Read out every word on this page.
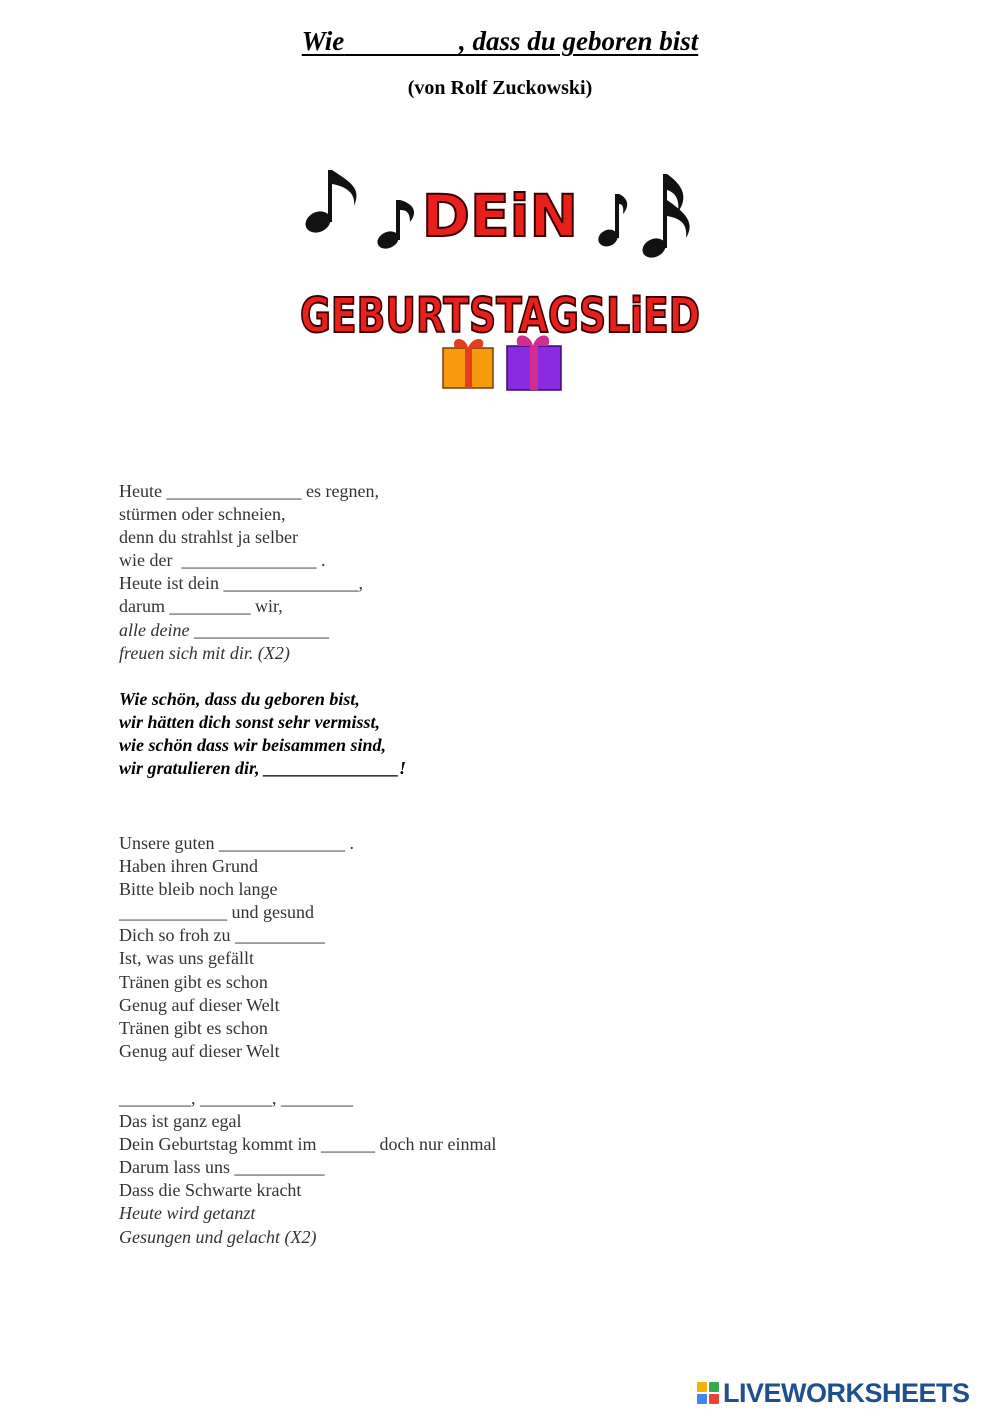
Wie	, dass du geboren bist
(von Rolf Zuckowski)
DEiN
GEBURTSTAGSLiED
Heute _______________ es regnen,
stürmen oder schneien,
denn du strahlst ja selber
wie der  _______________ .
Heute ist dein _______________,
darum _________ wir,
alle deine _______________
freuen sich mit dir. (X2)
Wie schön, dass du geboren bist,
wir hätten dich sonst sehr vermisst,
wie schön dass wir beisammen sind,
wir gratulieren dir, _______________!
Unsere guten ______________ .
Haben ihren Grund
Bitte bleib noch lange
____________ und gesund
Dich so froh zu __________
Ist, was uns gefällt
Tränen gibt es schon
Genug auf dieser Welt
Tränen gibt es schon
Genug auf dieser Welt
________, ________, ________
Das ist ganz egal
Dein Geburtstag kommt im ______ doch nur einmal
Darum lass uns __________
Dass die Schwarte kracht
Heute wird getanzt
Gesungen und gelacht (X2)
LIVEWORKSHEETS
